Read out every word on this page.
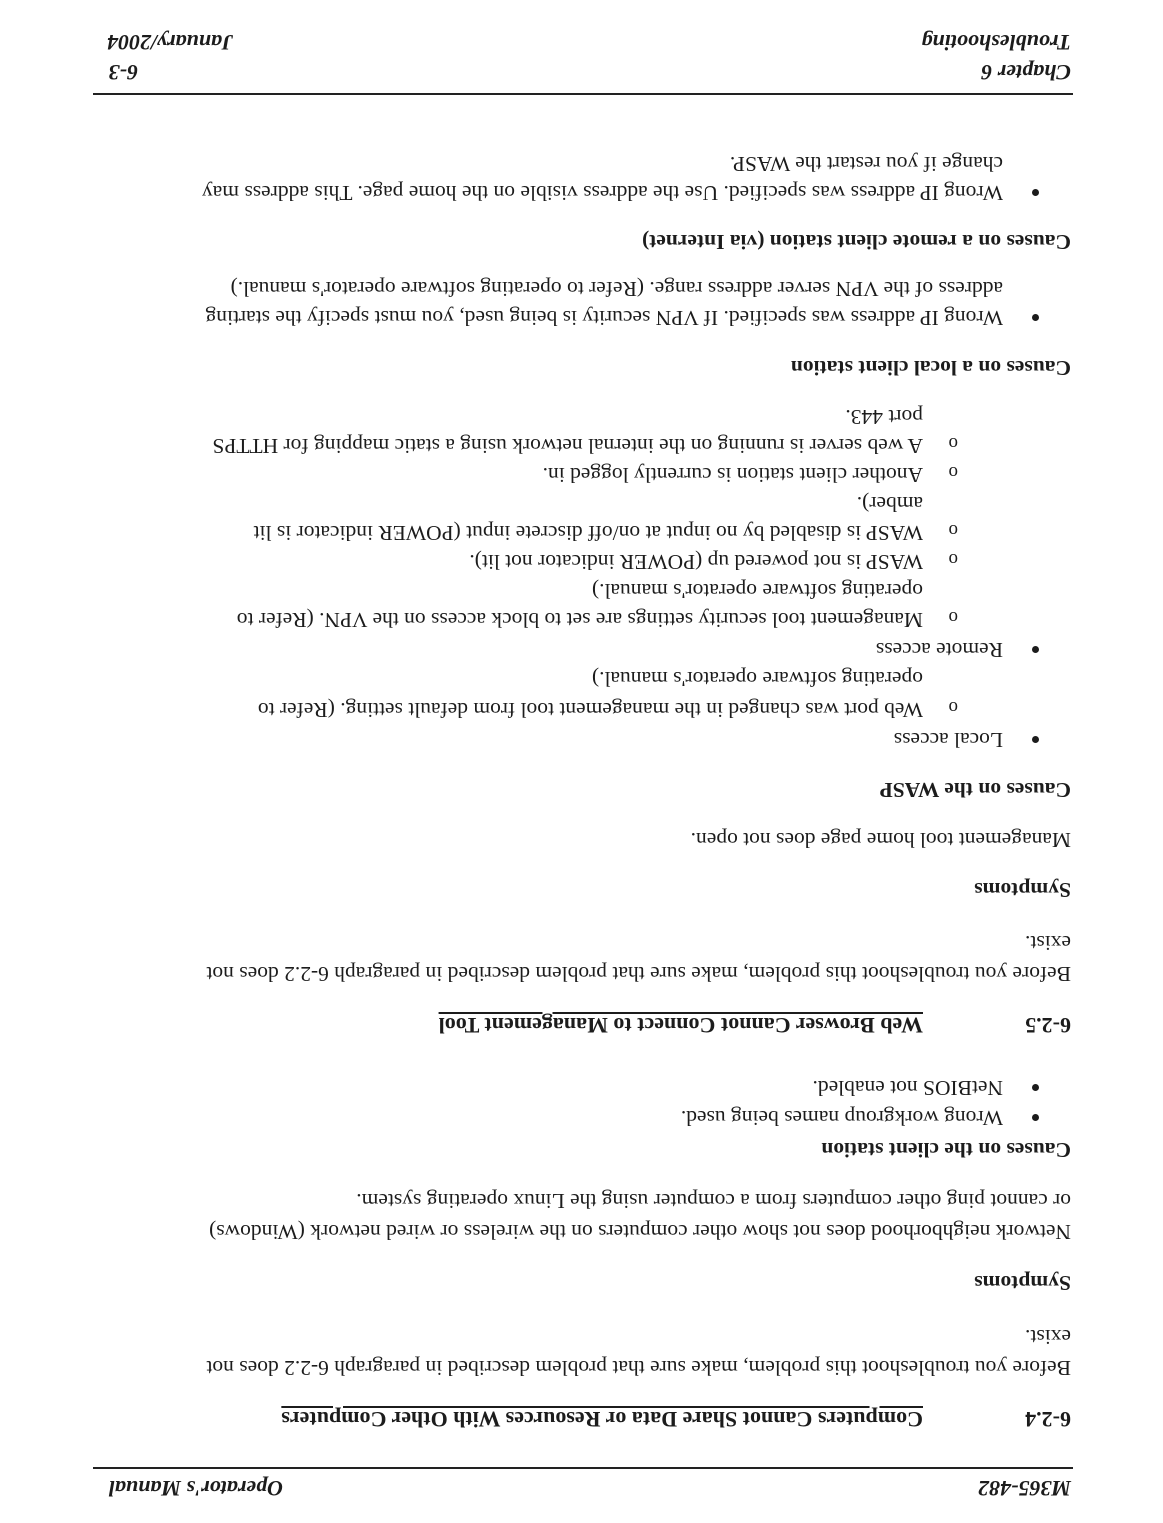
M365-482
Operator's Manual
6-2.4
Computers Cannot Share Data or Resources With Other Computers
Before you troubleshoot this problem, make sure that problem described in paragraph 6-2.2 does not
exist.
Symptoms
Network neighborhood does not show other computers on the wireless or wired network (Windows)
or cannot ping other computers from a computer using the Linux operating system.
Causes on the client station
Wrong workgroup names being used.
NetBIOS not enabled.
6-2.5
Web Browser Cannot Connect to Management Tool
Before you troubleshoot this problem, make sure that problem described in paragraph 6-2.2 does not
exist.
Symptoms
Management tool home page does not open.
Causes on the WASP
Local access
o
Web port was changed in the management tool from default setting. (Refer to
operating software operator's manual.)
Remote access
o
Management tool security settings are set to block access on the VPN. (Refer to
operating software operator's manual.)
o
WASP is not powered up (POWER indicator not lit).
o
WASP is disabled by no input at on/off discrete input (POWER indicator is lit
amber).
o
Another client station is currently logged in.
o
A web server is running on the internal network using a static mapping for HTTPS
port 443.
Causes on a local client station
Wrong IP address was specified. If VPN security is being used, you must specify the starting
address of the VPN server address range. (Refer to operating software operator's manual.)
Causes on a remote client station (via Internet)
Wrong IP address was specified. Use the address visible on the home page. This address may
change if you restart the WASP.
Chapter 6
Troubleshooting
6-3
January/2004
